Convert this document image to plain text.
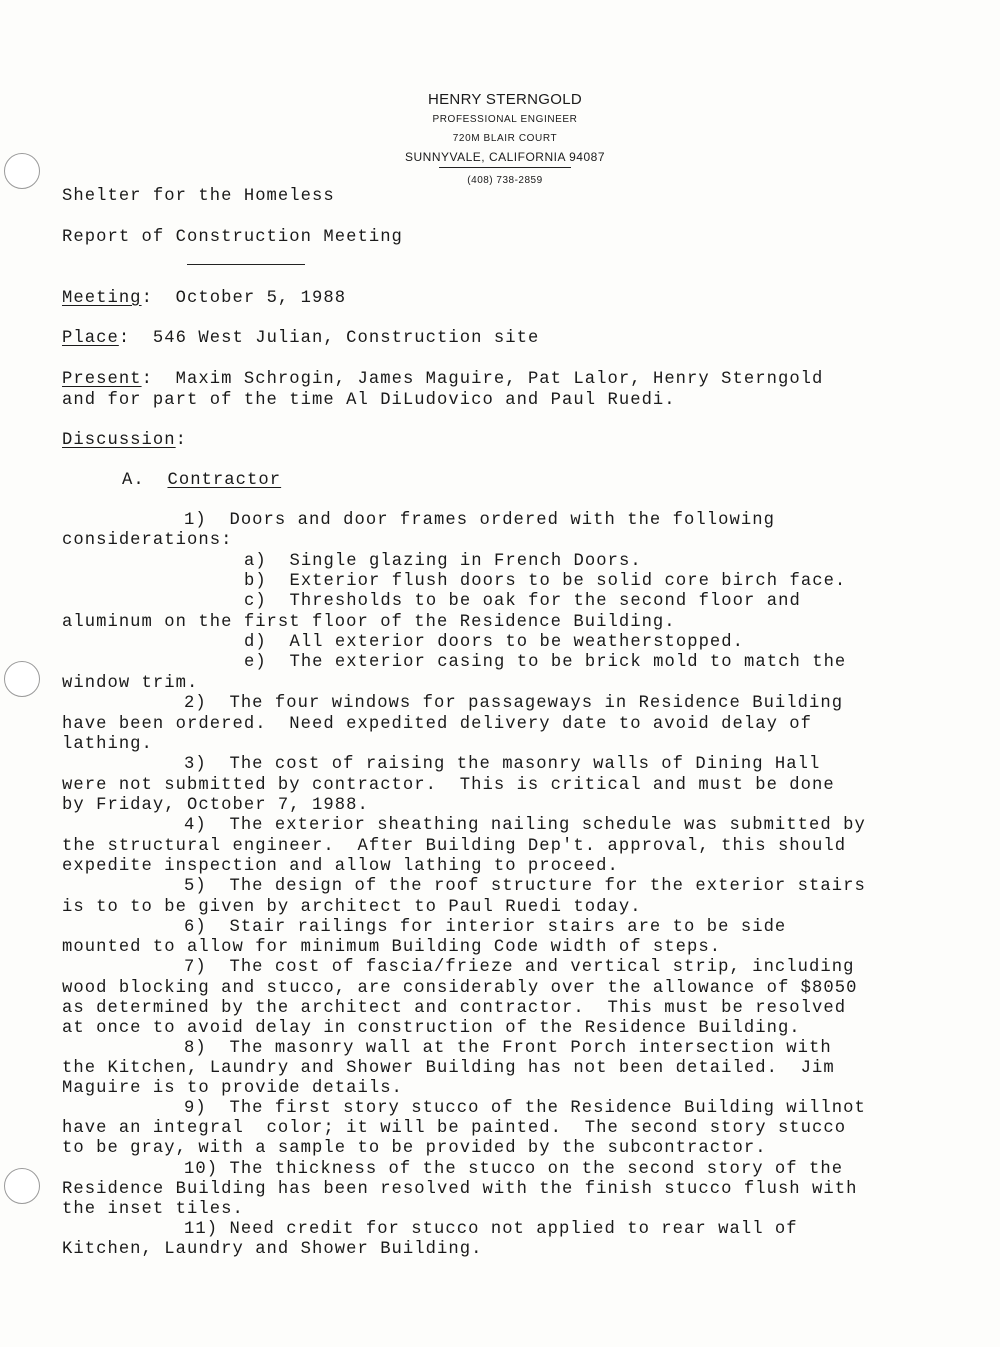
HENRY STERNGOLD
PROFESSIONAL ENGINEER
720M BLAIR COURT
SUNNYVALE, CALIFORNIA 94087
(408) 738-2859
Shelter for the Homeless
Report of Construction Meeting
Meeting:  October 5, 1988
Place:  546 West Julian, Construction site
Present:  Maxim Schrogin, James Maguire, Pat Lalor, Henry Sterngold
and for part of the time Al DiLudovico and Paul Ruedi.
Discussion:
A. Contractor
1)  Doors and door frames ordered with the following
considerations:
a)  Single glazing in French Doors.
b)  Exterior flush doors to be solid core birch face.
c)  Thresholds to be oak for the second floor and
aluminum on the first floor of the Residence Building.
d)  All exterior doors to be weatherstopped.
e)  The exterior casing to be brick mold to match the
window trim.
2)  The four windows for passageways in Residence Building
have been ordered.  Need expedited delivery date to avoid delay of
lathing.
3)  The cost of raising the masonry walls of Dining Hall
were not submitted by contractor.  This is critical and must be done
by Friday, October 7, 1988.
4)  The exterior sheathing nailing schedule was submitted by
the structural engineer.  After Building Dep't. approval, this should
expedite inspection and allow lathing to proceed.
5)  The design of the roof structure for the exterior stairs
is to to be given by architect to Paul Ruedi today.
6)  Stair railings for interior stairs are to be side
mounted to allow for minimum Building Code width of steps.
7)  The cost of fascia/frieze and vertical strip, including
wood blocking and stucco, are considerably over the allowance of $8050
as determined by the architect and contractor.  This must be resolved
at once to avoid delay in construction of the Residence Building.
8)  The masonry wall at the Front Porch intersection with
the Kitchen, Laundry and Shower Building has not been detailed.  Jim
Maguire is to provide details.
9)  The first story stucco of the Residence Building willnot
have an integral  color; it will be painted.  The second story stucco
to be gray, with a sample to be provided by the subcontractor.
10) The thickness of the stucco on the second story of the
Residence Building has been resolved with the finish stucco flush with
the inset tiles.
11) Need credit for stucco not applied to rear wall of
Kitchen, Laundry and Shower Building.
